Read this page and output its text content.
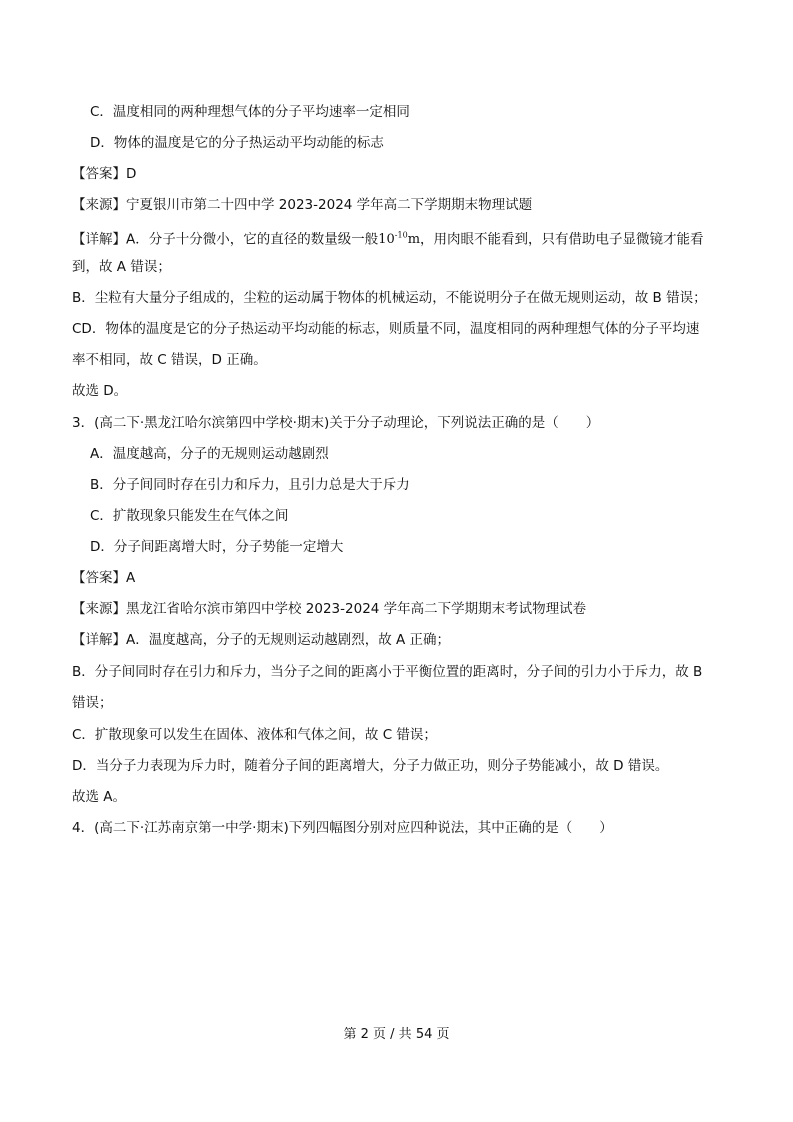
C．温度相同的两种理想气体的分子平均速率一定相同
D．物体的温度是它的分子热运动平均动能的标志
【答案】D
【来源】宁夏银川市第二十四中学 2023-2024 学年高二下学期期末物理试题
【详解】A．分子十分微小，它的直径的数量级一般$10^{-10}m$，用肉眼不能看到，只有借助电子显微镜才能看
到，故 A 错误；
B．尘粒有大量分子组成的，尘粒的运动属于物体的机械运动，不能说明分子在做无规则运动，故 B 错误；
CD．物体的温度是它的分子热运动平均动能的标志，则质量不同，温度相同的两种理想气体的分子平均速
率不相同，故 C 错误，D 正确。
故选 D。
3．(高二下·黑龙江哈尔滨第四中学校·期末)关于分子动理论，下列说法正确的是（　　）
A．温度越高，分子的无规则运动越剧烈
B．分子间同时存在引力和斥力，且引力总是大于斥力
C．扩散现象只能发生在气体之间
D．分子间距离增大时，分子势能一定增大
【答案】A
【来源】黑龙江省哈尔滨市第四中学校 2023-2024 学年高二下学期期末考试物理试卷
【详解】A．温度越高，分子的无规则运动越剧烈，故 A 正确；
B．分子间同时存在引力和斥力，当分子之间的距离小于平衡位置的距离时，分子间的引力小于斥力，故 B
错误；
C．扩散现象可以发生在固体、液体和气体之间，故 C 错误；
D．当分子力表现为斥力时，随着分子间的距离增大，分子力做正功，则分子势能减小，故 D 错误。
故选 A。
4．(高二下·江苏南京第一中学·期末)下列四幅图分别对应四种说法，其中正确的是（　　）
第 2 页 / 共 54 页
